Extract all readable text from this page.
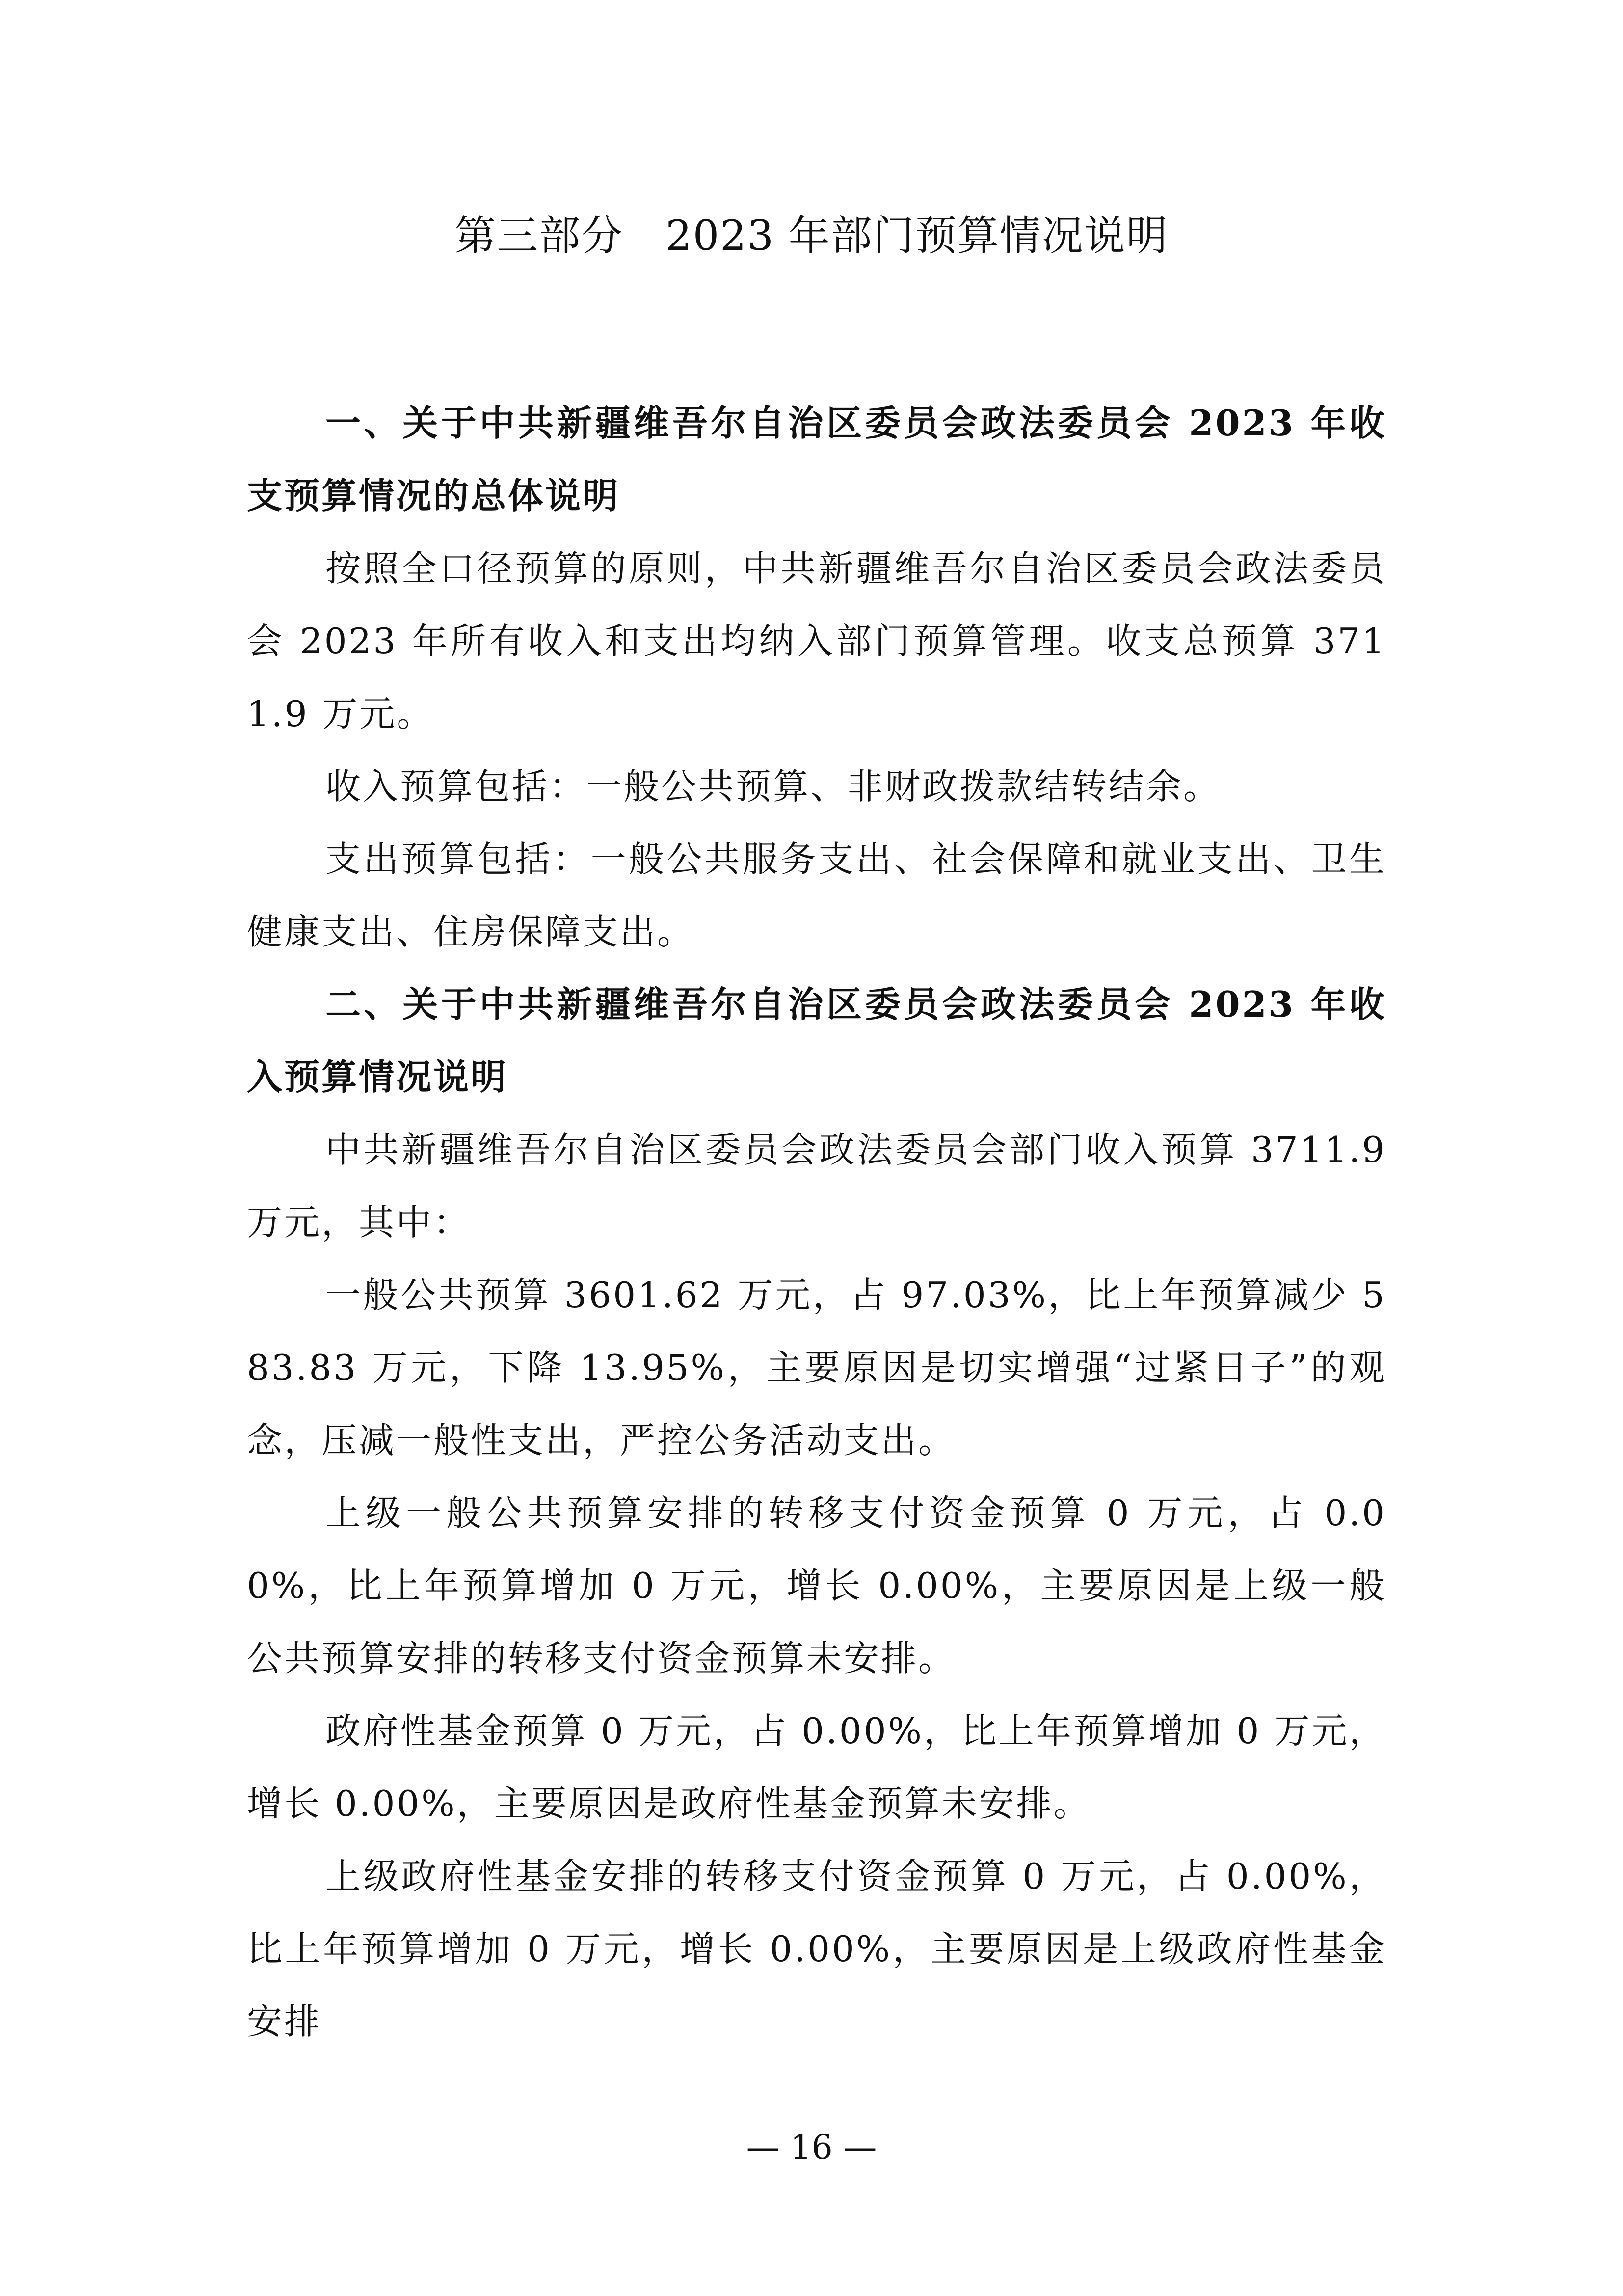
第三部分　2023 年部门预算情况说明

一、关于中共新疆维吾尔自治区委员会政法委员会 2023 年收支预算情况的总体说明

按照全口径预算的原则，中共新疆维吾尔自治区委员会政法委员会 2023 年所有收入和支出均纳入部门预算管理。收支总预算 3711.9 万元。

收入预算包括：一般公共预算、非财政拨款结转结余。

支出预算包括：一般公共服务支出、社会保障和就业支出、卫生健康支出、住房保障支出。

二、关于中共新疆维吾尔自治区委员会政法委员会 2023 年收入预算情况说明

中共新疆维吾尔自治区委员会政法委员会部门收入预算 3711.9 万元，其中：

一般公共预算 3601.62 万元，占 97.03%，比上年预算减少 583.83 万元，下降 13.95%，主要原因是切实增强“过紧日子”的观念，压减一般性支出，严控公务活动支出。

上级一般公共预算安排的转移支付资金预算 0 万元，占 0.00%，比上年预算增加 0 万元，增长 0.00%，主要原因是上级一般公共预算安排的转移支付资金预算未安排。

政府性基金预算 0 万元，占 0.00%，比上年预算增加 0 万元，增长 0.00%，主要原因是政府性基金预算未安排。

上级政府性基金安排的转移支付资金预算 0 万元，占 0.00%，比上年预算增加 0 万元，增长 0.00%，主要原因是上级政府性基金安排

— 16 —
